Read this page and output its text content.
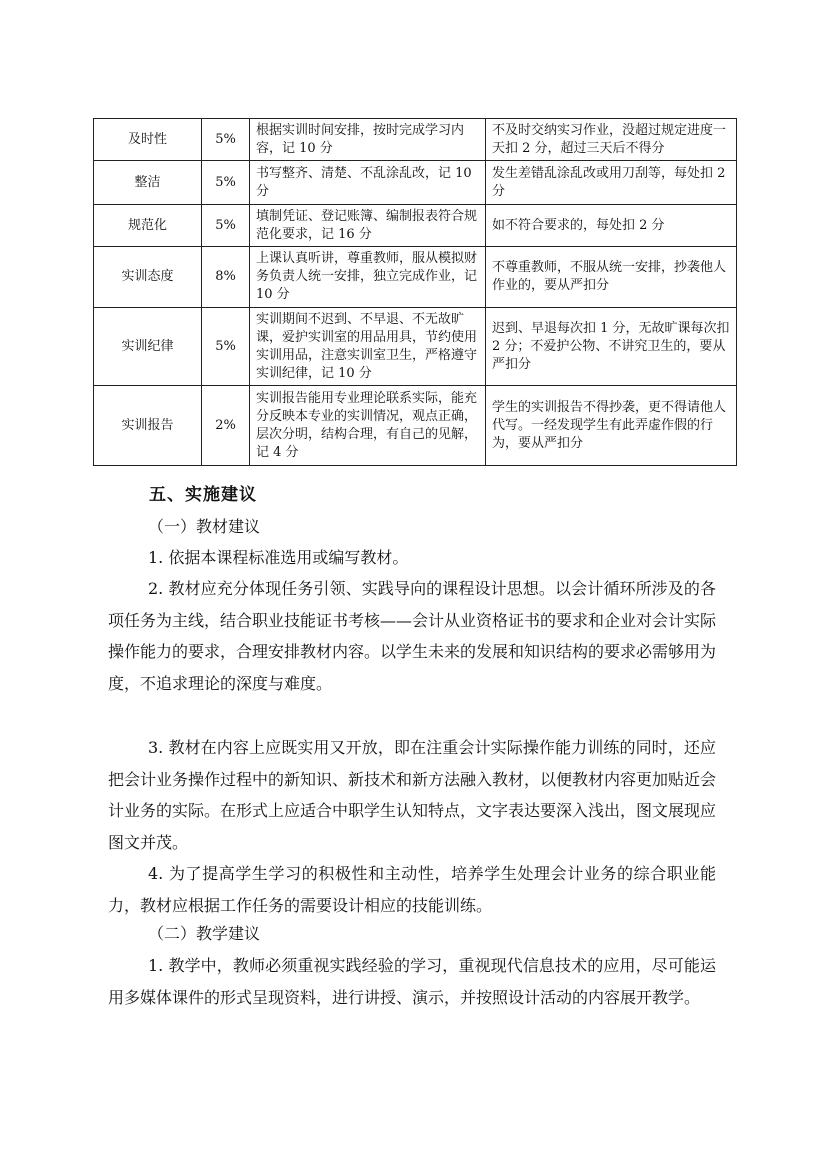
及时性	5%	根据实训时间安排，按时完成学习内容，记 10 分	不及时交纳实习作业，没超过规定进度一天扣 2 分，超过三天后不得分
整洁	5%	书写整齐、清楚、不乱涂乱改，记 10 分	发生差错乱涂乱改或用刀刮等，每处扣 2 分
规范化	5%	填制凭证、登记账簿、编制报表符合规范化要求，记 16 分	如不符合要求的，每处扣 2 分
实训态度	8%	上课认真听讲，尊重教师，服从模拟财务负责人统一安排，独立完成作业，记 10 分	不尊重教师，不服从统一安排，抄袭他人作业的，要从严扣分
实训纪律	5%	实训期间不迟到、不早退、不无故旷课，爱护实训室的用品用具，节约使用实训用品，注意实训室卫生，严格遵守实训纪律，记 10 分	迟到、早退每次扣 1 分，无故旷课每次扣 2 分；不爱护公物、不讲究卫生的，要从严扣分
实训报告	2%	实训报告能用专业理论联系实际，能充分反映本专业的实训情况，观点正确，层次分明，结构合理，有自己的见解，记 4 分	学生的实训报告不得抄袭，更不得请他人代写。一经发现学生有此弄虚作假的行为，要从严扣分
五、实施建议
（一）教材建议

1. 依据本课程标准选用或编写教材。

2. 教材应充分体现任务引领、实践导向的课程设计思想。以会计循环所涉及的各项任务为主线，结合职业技能证书考核——会计从业资格证书的要求和企业对会计实际操作能力的要求，合理安排教材内容。以学生未来的发展和知识结构的要求必需够用为度，不追求理论的深度与难度。

3. 教材在内容上应既实用又开放，即在注重会计实际操作能力训练的同时，还应把会计业务操作过程中的新知识、新技术和新方法融入教材，以便教材内容更加贴近会计业务的实际。在形式上应适合中职学生认知特点，文字表达要深入浅出，图文展现应图文并茂。

4. 为了提高学生学习的积极性和主动性，培养学生处理会计业务的综合职业能力，教材应根据工作任务的需要设计相应的技能训练。

（二）教学建议

1. 教学中，教师必须重视实践经验的学习，重视现代信息技术的应用，尽可能运用多媒体课件的形式呈现资料，进行讲授、演示，并按照设计活动的内容展开教学。
